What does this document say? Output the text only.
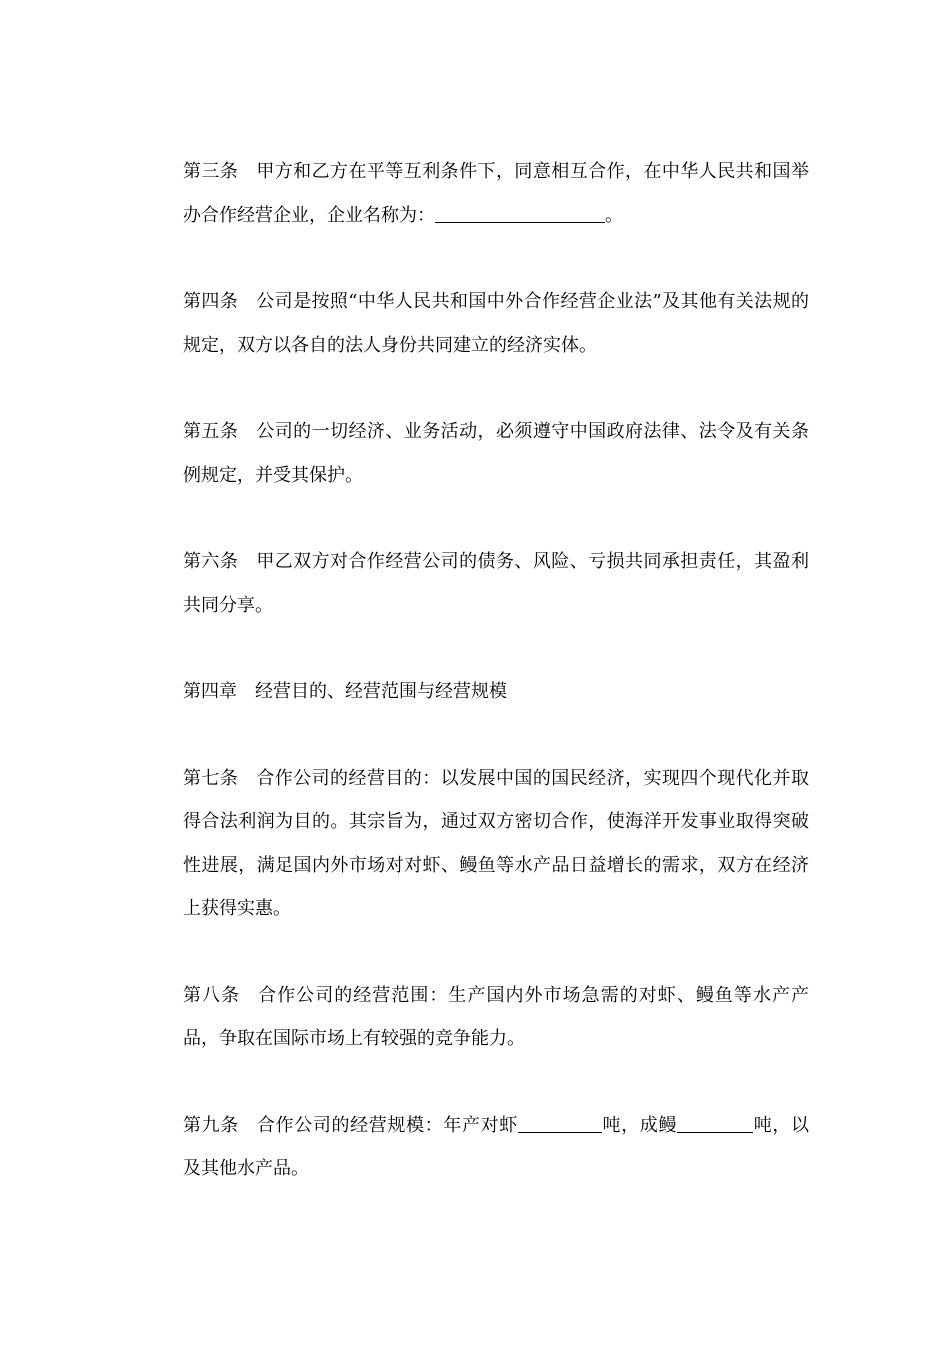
第三条 甲方和乙方在平等互利条件下，同意相互合作，在中华人民共和国举办合作经营企业，企业名称为：	。

第四条 公司是按照“中华人民共和国中外合作经营企业法”及其他有关法规的规定，双方以各自的法人身份共同建立的经济实体。

第五条 公司的一切经济、业务活动，必须遵守中国政府法律、法令及有关条例规定，并受其保护。

第六条 甲乙双方对合作经营公司的债务、风险、亏损共同承担责任，其盈利共同分享。

第四章 经营目的、经营范围与经营规模

第七条 合作公司的经营目的：以发展中国的国民经济，实现四个现代化并取得合法利润为目的。其宗旨为，通过双方密切合作，使海洋开发事业取得突破性进展，满足国内外市场对对虾、鳗鱼等水产品日益增长的需求，双方在经济上获得实惠。

第八条 合作公司的经营范围：生产国内外市场急需的对虾、鳗鱼等水产产品，争取在国际市场上有较强的竞争能力。

第九条 合作公司的经营规模：年产对虾	吨，成鳗	吨，以及其他水产品。
